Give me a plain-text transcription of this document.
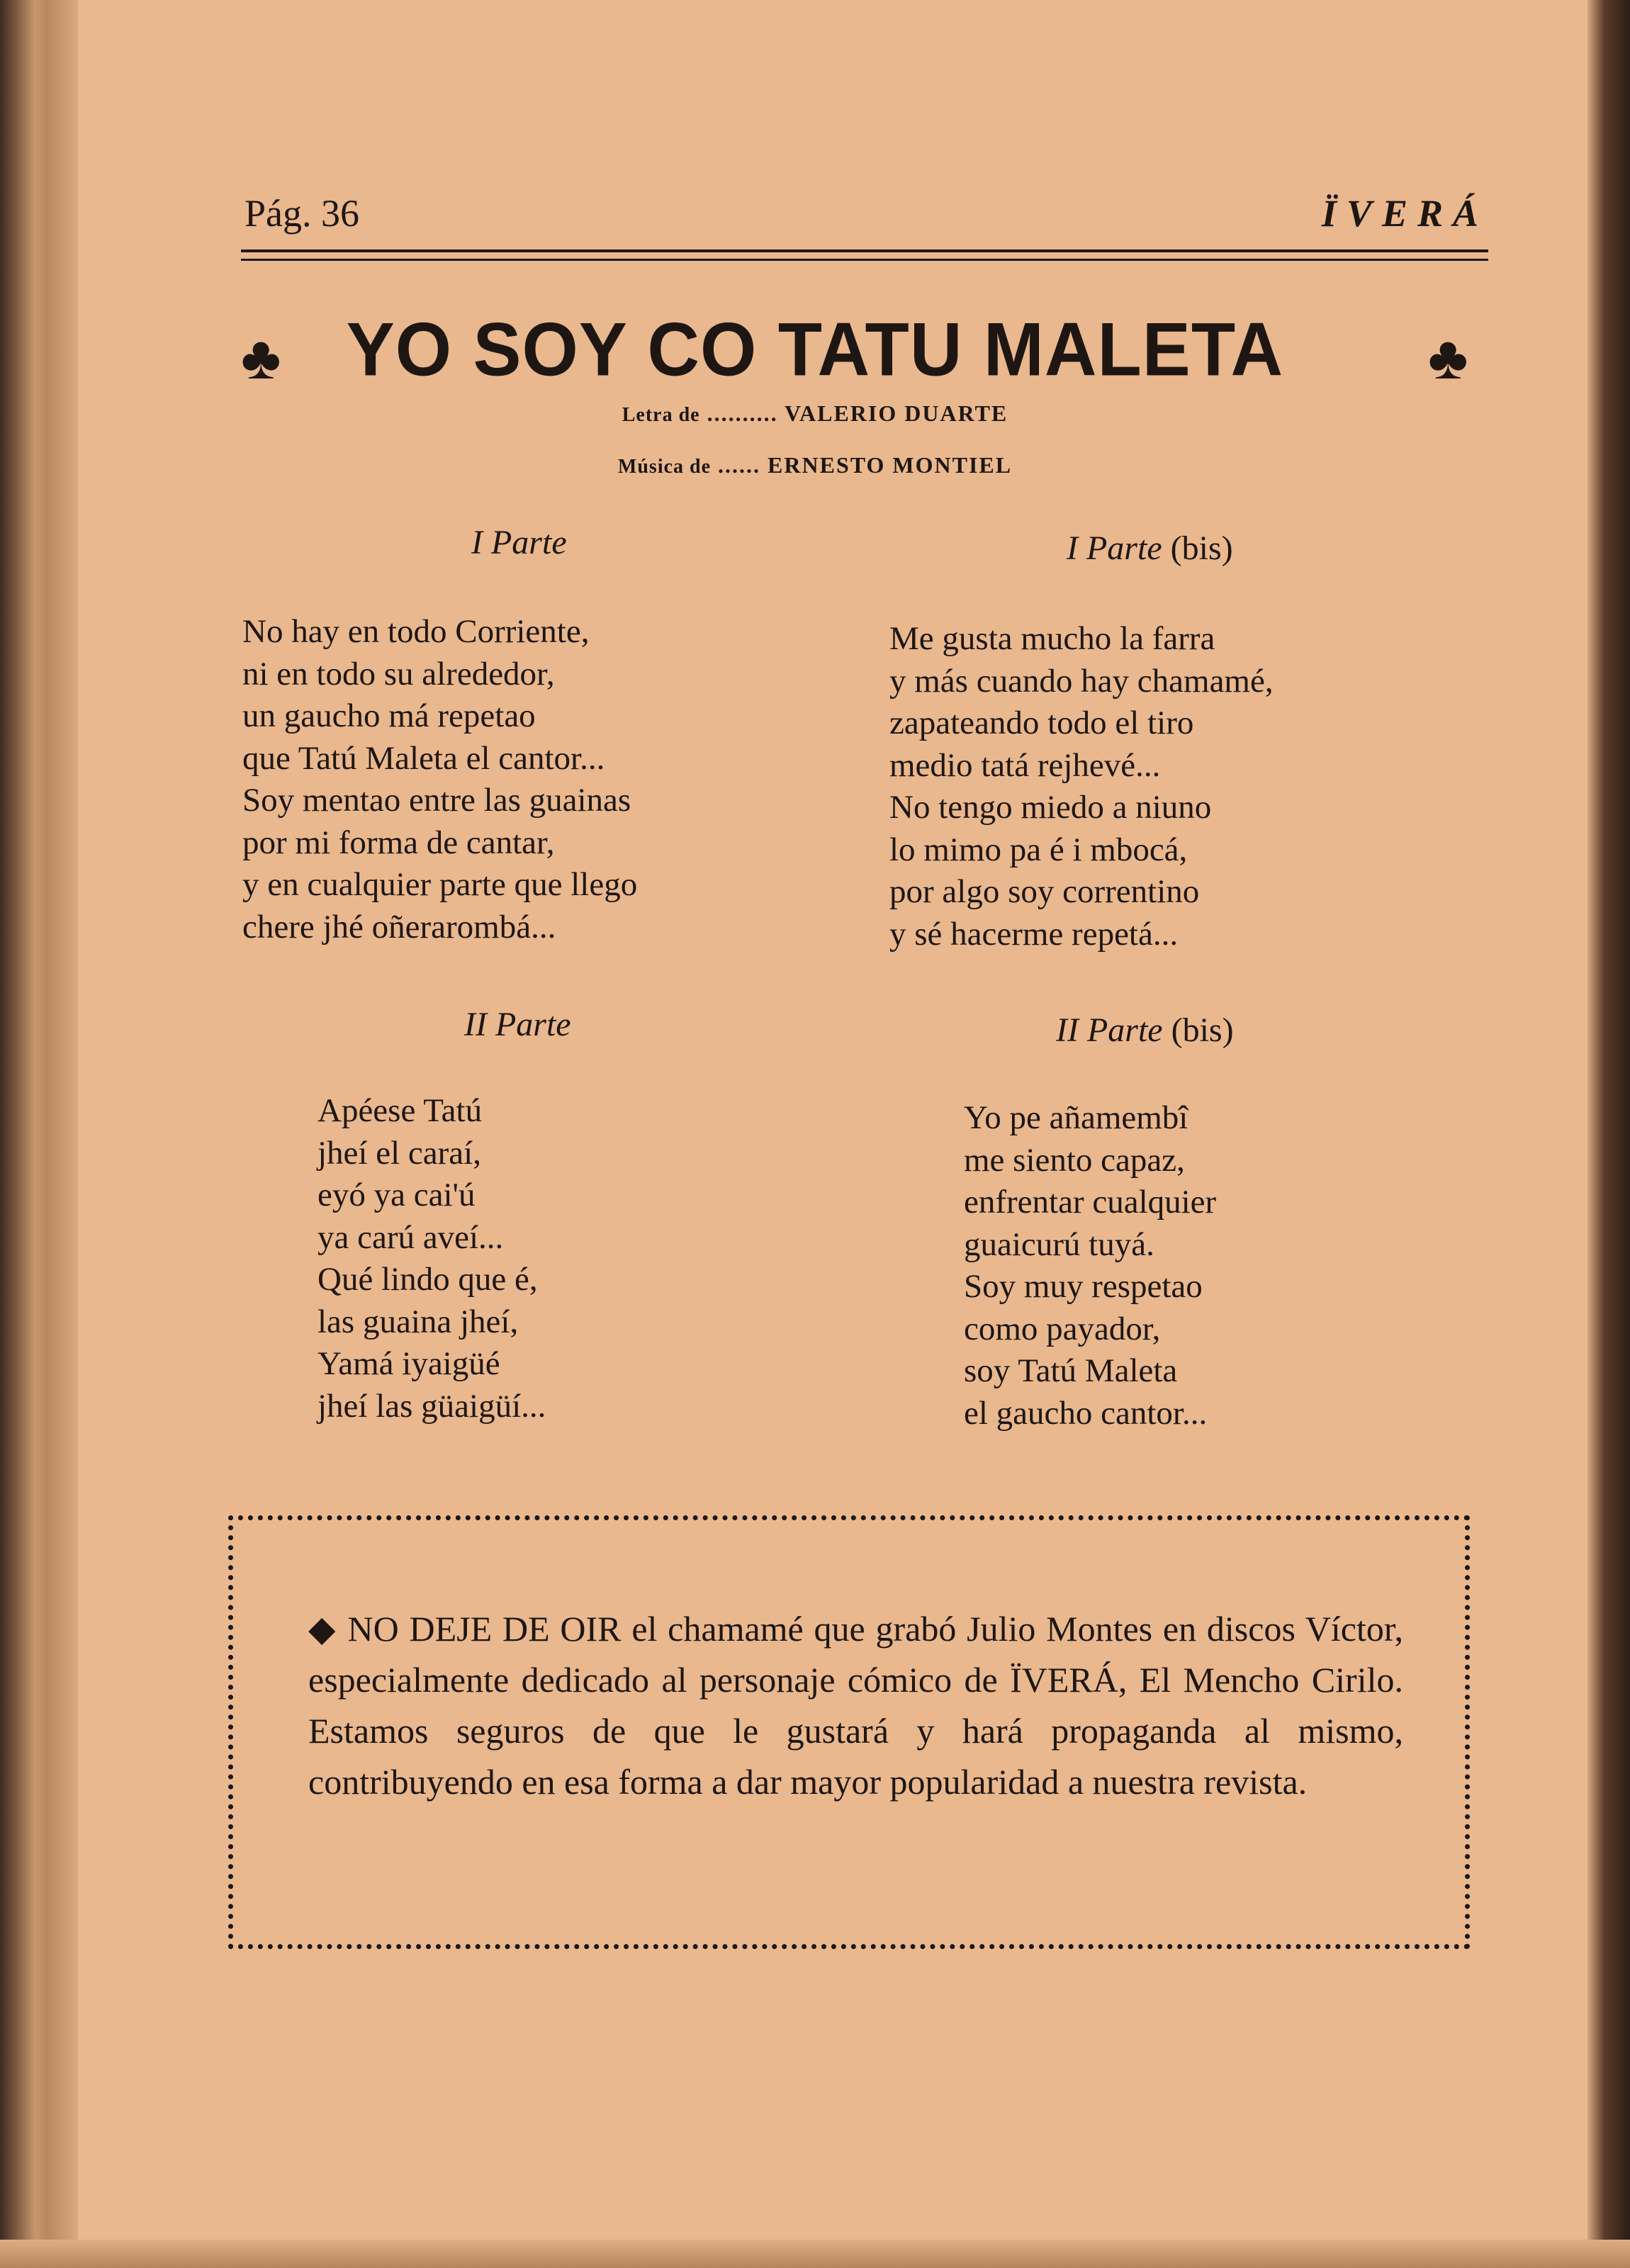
Pág. 36	ÏVERÁ
♣ YO SOY CO TATU MALETA	♣
Letra de .......... VALERIO DUARTE
Música de ...... ERNESTO MONTIEL
I Parte	I Parte (bis)
No hay en todo Corriente,
ni en todo su alrededor,
un gaucho má repetao
que Tatú Maleta el cantor...
Soy mentao entre las guainas
por mi forma de cantar,
y en cualquier parte que llego
chere jhé oñerarombá...
Me gusta mucho la farra
y más cuando hay chamamé,
zapateando todo el tiro
medio tatá rejhevé...
No tengo miedo a niuno
lo mimo pa é i mbocá,
por algo soy correntino
y sé hacerme repetá...
II Parte	II Parte (bis)
Apéese Tatú
jheí el caraí,
eyó ya cai'ú
ya carú aveí...
Qué lindo que é,
las guaina jheí,
Yamá iyaigüé
jheí las güaigüí...
Yo pe añamembî
me siento capaz,
enfrentar cualquier
guaicurú tuyá.
Soy muy respetao
como payador,
soy Tatú Maleta
el gaucho cantor...
◆ NO DEJE DE OIR el chamamé que grabó Julio Montes en discos Víctor, especialmente dedicado al personaje cómico de ÏVERÁ, El Mencho Cirilo. Estamos seguros de que le gustará y hará propaganda al mismo, contribuyendo en esa forma a dar mayor popularidad a nuestra revista.
